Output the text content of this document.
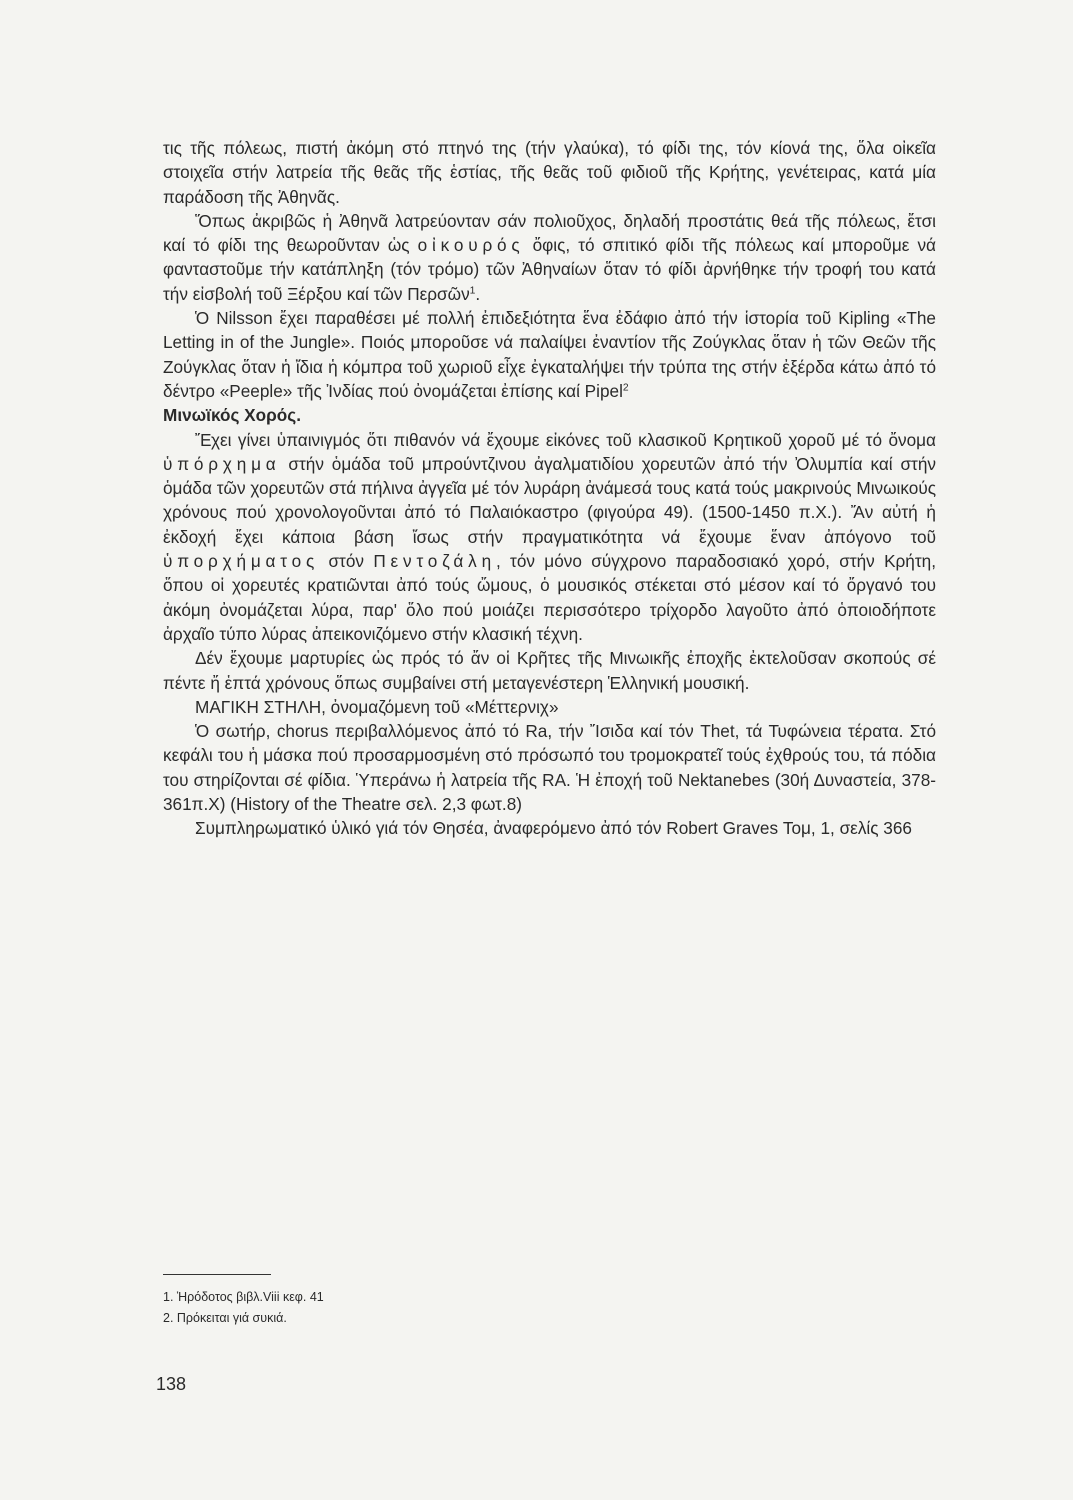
τις τῆς πόλεως, πιστή ἀκόμη στό πτηνό της (τήν γλαύκα), τό φίδι της, τόν κίονά της, ὅλα οἰκεῖα στοιχεῖα στήν λατρεία τῆς θεᾶς τῆς ἑστίας, τῆς θεᾶς τοῦ φιδιοῦ τῆς Κρήτης, γενέτειρας, κατά μία παράδοση τῆς Ἀθηνᾶς.

Ὅπως ἀκριβῶς ἡ Ἀθηνᾶ λατρεύονταν σάν πολιοῦχος, δηλαδή προστάτις θεά τῆς πόλεως, ἔτσι καί τό φίδι της θεωροῦνταν ὡς οἰκουρός ὄφις, τό σπιτικό φίδι τῆς πόλεως καί μποροῦμε νά φανταστοῦμε τήν κατάπληξη (τόν τρόμο) τῶν Ἀθηναίων ὅταν τό φίδι ἀρνήθηκε τήν τροφή του κατά τήν εἰσβολή τοῦ Ξέρξου καί τῶν Περσῶν$^1$.

Ὁ Nilsson ἔχει παραθέσει μέ πολλή ἐπιδεξιότητα ἕνα ἐδάφιο ἀπό τήν ἱστορία τοῦ Kipling «The Letting in of the Jungle». Ποιός μποροῦσε νά παλαίψει ἐναντίον τῆς Ζούγκλας ὅταν ἡ τῶν Θεῶν τῆς Ζούγκλας ὅταν ἡ ἴδια ἡ κόμπρα τοῦ χωριοῦ εἶχε ἐγκαταλήψει τήν τρύπα της στήν ἐξέρδα κάτω ἀπό τό δέντρο «Peeple» τῆς Ἰνδίας πού ὀνομάζεται ἐπίσης καί Pipel$^2$

Μινωϊκός Χορός.

Ἔχει γίνει ὑπαινιγμός ὅτι πιθανόν νά ἔχουμε εἰκόνες τοῦ κλασικοῦ Κρητικοῦ χοροῦ μέ τό ὄνομα ὑπόρχημα στήν ὁμάδα τοῦ μπρούντζινου ἀγαλματιδίου χορευτῶν ἀπό τήν Ὀλυμπία καί στήν ὁμάδα τῶν χορευτῶν στά πήλινα ἀγγεῖα μέ τόν λυράρη ἀνάμεσά τους κατά τούς μακρινούς Μινωικούς χρόνους πού χρονολογοῦνται ἀπό τό Παλαιόκαστρο (φιγούρα 49). (1500-1450 π.Χ.). Ἄν αὐτή ἡ ἐκδοχή ἔχει κάποια βάση ἴσως στήν πραγματικότητα νά ἔχουμε ἕναν ἀπόγονο τοῦ ὑπορχήματος στόν Πεντοζάλη, τόν μόνο σύγχρονο παραδοσιακό χορό, στήν Κρήτη, ὅπου οἱ χορευτές κρατιῶνται ἀπό τούς ὤμους, ὁ μουσικός στέκεται στό μέσον καί τό ὄργανό του ἀκόμη ὀνομάζεται λύρα, παρ' ὅλο πού μοιάζει περισσότερο τρίχορδο λαγοῦτο ἀπό ὁποιοδήποτε ἀρχαῖο τύπο λύρας ἀπεικονιζόμενο στήν κλασική τέχνη.

Δέν ἔχουμε μαρτυρίες ὡς πρός τό ἄν οἱ Κρῆτες τῆς Μινωικῆς ἐποχῆς ἐκτελοῦσαν σκοπούς σέ πέντε ἤ ἑπτά χρόνους ὅπως συμβαίνει στή μεταγενέστερη Ἑλληνική μουσική.

ΜΑΓΙΚΗ ΣΤΗΛΗ, ὀνομαζόμενη τοῦ «Μέττερνιχ»

Ὁ σωτήρ, chorus περιβαλλόμενος ἀπό τό Ra, τήν Ἴσιδα καί τόν Thet, τά Τυφώνεια τέρατα. Στό κεφάλι του ἡ μάσκα πού προσαρμοσμένη στό πρόσωπό του τρομοκρατεῖ τούς ἐχθρούς του, τά πόδια του στηρίζονται σέ φίδια. Ὑπεράνω ἡ λατρεία τῆς RA. Ἡ ἐποχή τοῦ Nektanebes (30ή Δυναστεία, 378-361π.Χ) (History of the Theatre σελ. 2,3 φωτ.8)

Συμπληρωματικό ὑλικό γιά τόν Θησέα, ἀναφερόμενο ἀπό τόν Robert Graves Τομ, 1, σελίς 366

1. Ἡρόδοτος βιβλ.Viii κεφ. 41

2. Πρόκειται γιά συκιά.

138
